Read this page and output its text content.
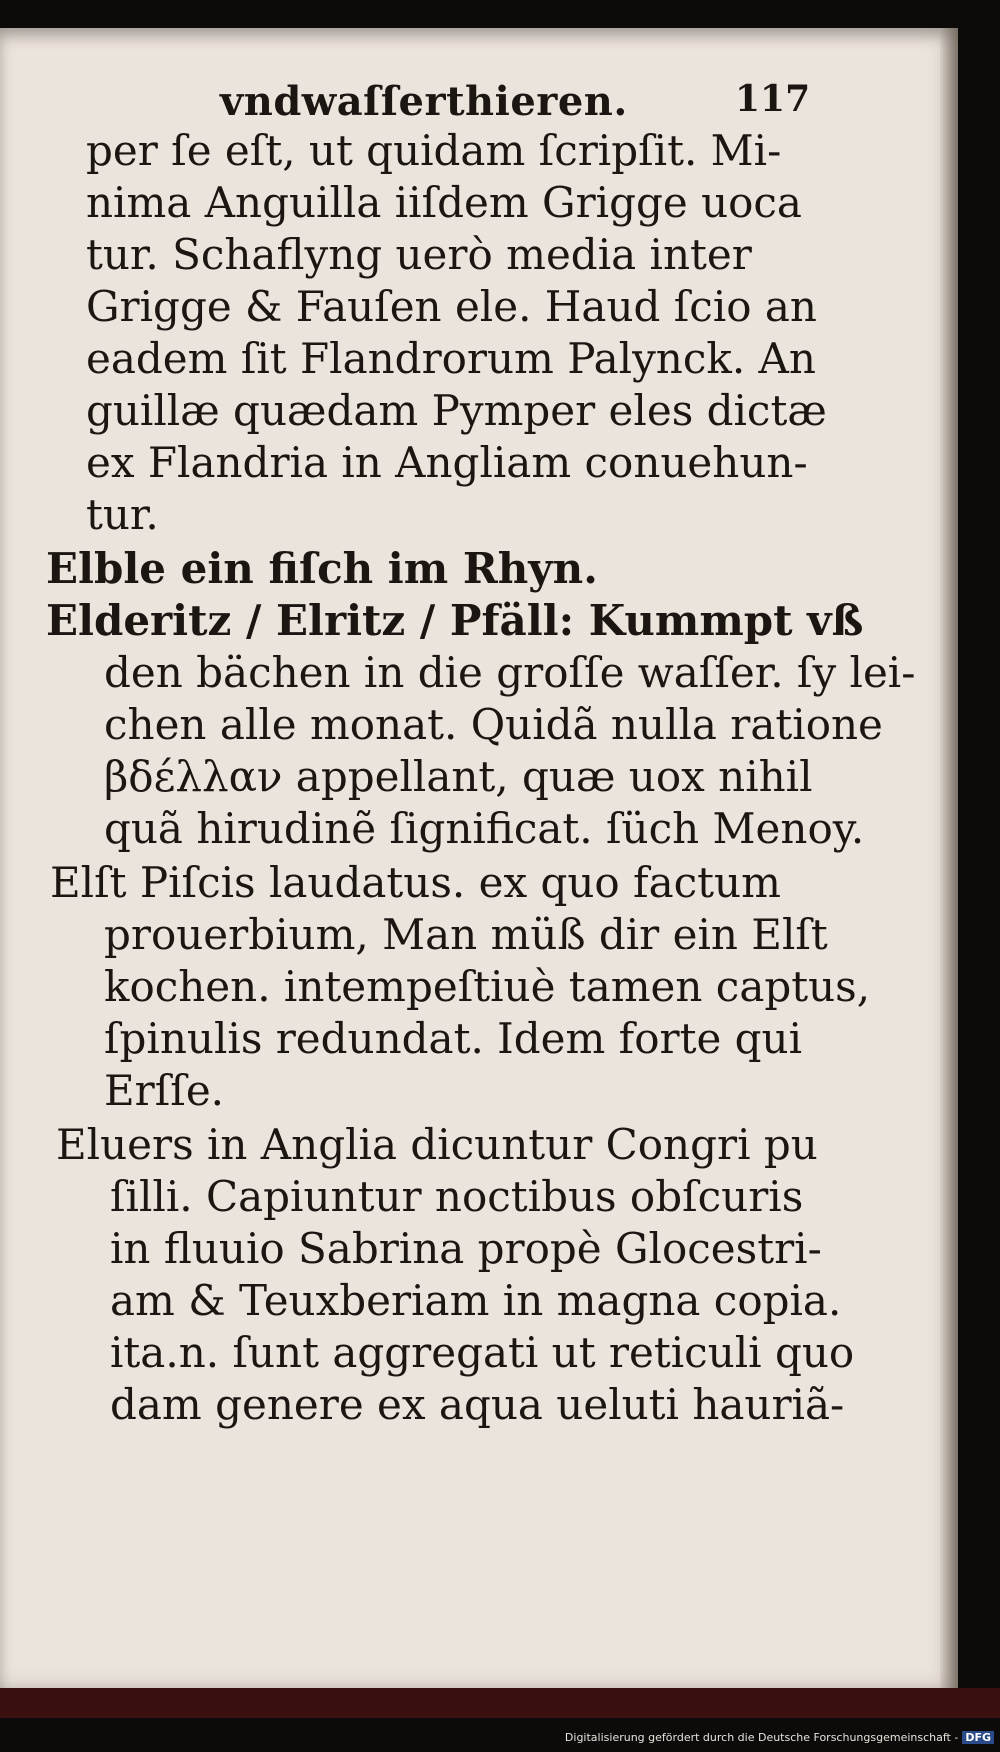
vndwaſſerthieren.	117
per ſe eſt, ut quidam ſcripſit. Mi-
nima Anguilla iiſdem Grigge uoca
tur. Schaflyng uerò media inter
Grigge & Fauſen ele. Haud ſcio an
eadem ſit Flandrorum Palynck. An
guillæ quædam Pymper eles dictæ
ex Flandria in Angliam conuehun-
tur.
Elble ein fiſch im Rhyn.
Elderitz / Elritz / Pfäll: Kummpt vß
den bächen in die groſſe waſſer. ſy lei-
chen alle monat. Quidã nulla ratione
βδέλλαν appellant, quæ uox nihil
quã hirudinẽ ſignificat. ſüch Menoy.
Elſt Piſcis laudatus. ex quo factum
prouerbium, Man müß dir ein Elſt
kochen. intempeſtiuè tamen captus,
ſpinulis redundat. Idem forte qui
Erſſe.
Eluers in Anglia dicuntur Congri pu
ſilli. Capiuntur noctibus obſcuris
in fluuio Sabrina propè Glocestri-
am & Teuxberiam in magna copia.
ita.n. ſunt aggregati ut reticuli quo
dam genere ex aqua ueluti hauriã-
Digitalisierung gefördert durch die Deutsche Forschungsgemeinschaft - DFG
